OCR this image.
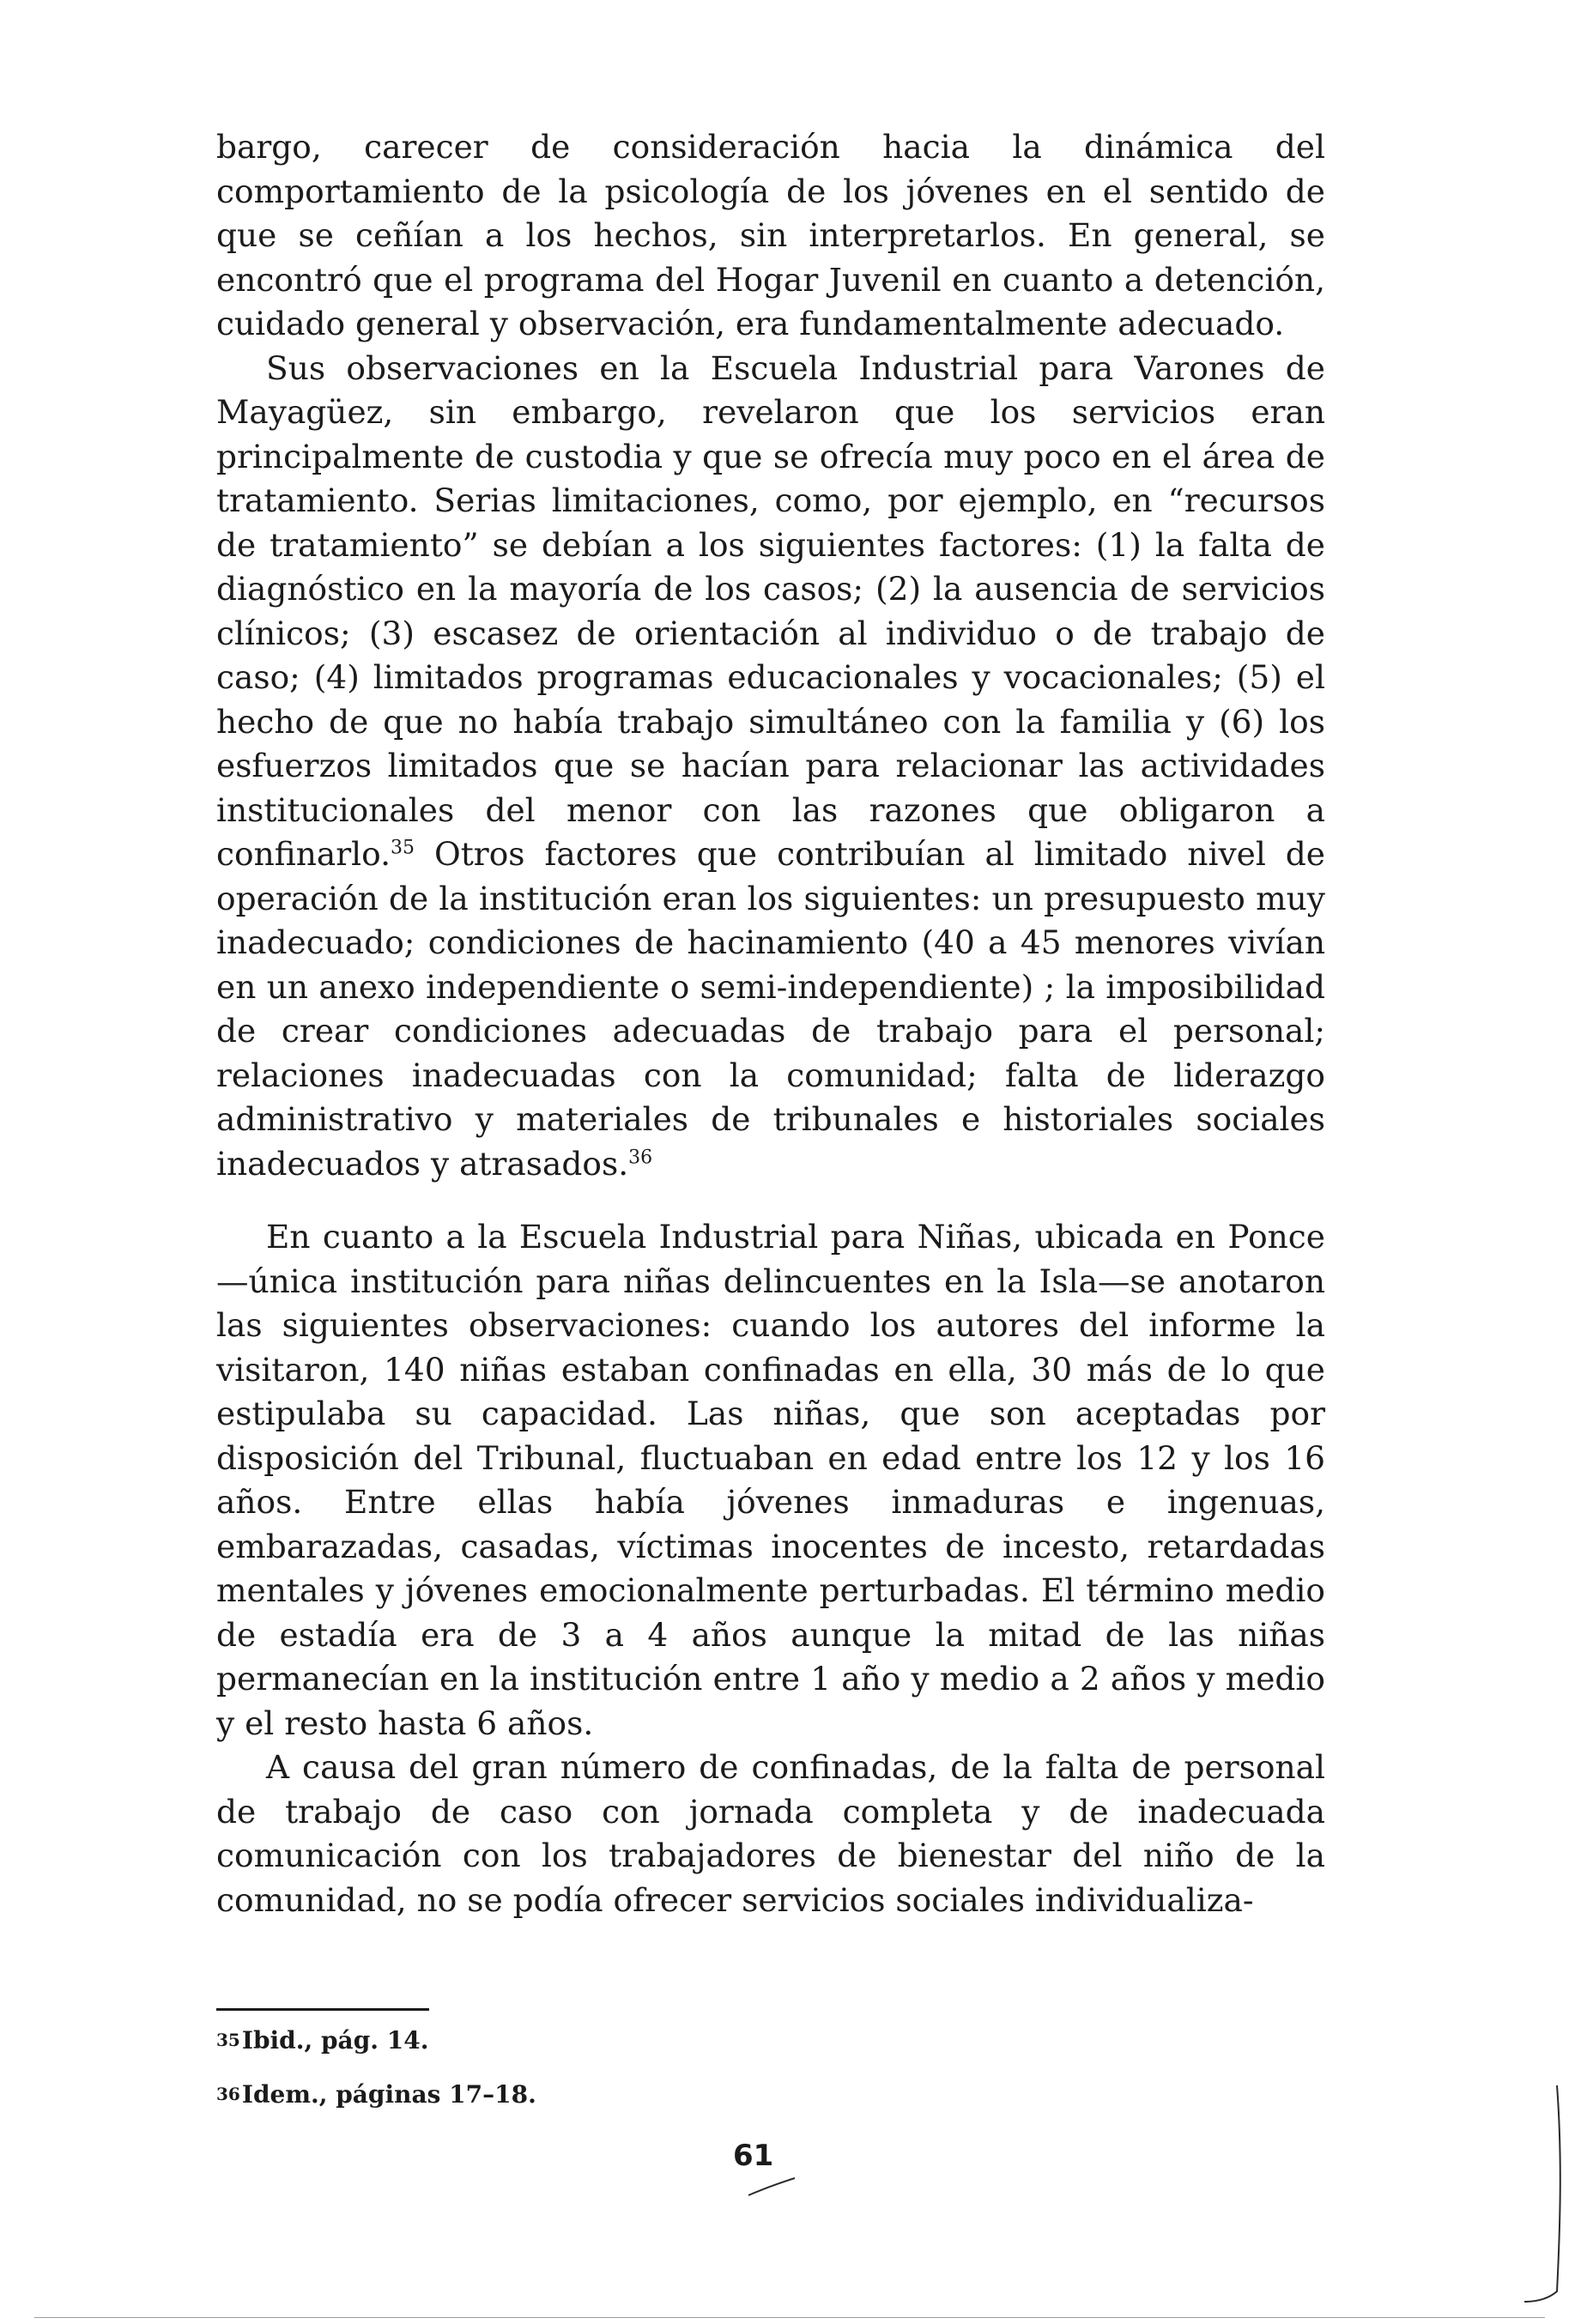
bargo, carecer de consideración hacia la dinámica del comportamiento de la psicología de los jóvenes en el sentido de que se ceñían a los hechos, sin interpretarlos. En general, se encontró que el programa del Hogar Juvenil en cuanto a detención, cuidado general y observación, era fundamentalmente adecuado.

Sus observaciones en la Escuela Industrial para Varones de Mayagüez, sin embargo, revelaron que los servicios eran principalmente de custodia y que se ofrecía muy poco en el área de tratamiento. Serias limitaciones, como, por ejemplo, en “recursos de tratamiento” se debían a los siguientes factores: (1) la falta de diagnóstico en la mayoría de los casos; (2) la ausencia de servicios clínicos; (3) escasez de orientación al individuo o de trabajo de caso; (4) limitados programas educacionales y vocacionales; (5) el hecho de que no había trabajo simultáneo con la familia y (6) los esfuerzos limitados que se hacían para relacionar las actividades institucionales del menor con las razones que obligaron a confinarlo.$^{35}$ Otros factores que contribuían al limitado nivel de operación de la institución eran los siguientes: un presupuesto muy inadecuado; condiciones de hacinamiento (40 a 45 menores vivían en un anexo independiente o semi-independiente) ; la imposibilidad de crear condiciones adecuadas de trabajo para el personal; relaciones inadecuadas con la comunidad; falta de liderazgo administrativo y materiales de tribunales e historiales sociales inadecuados y atrasados.$^{36}$

En cuanto a la Escuela Industrial para Niñas, ubicada en Ponce—única institución para niñas delincuentes en la Isla—se anotaron las siguientes observaciones: cuando los autores del informe la visitaron, 140 niñas estaban confinadas en ella, 30 más de lo que estipulaba su capacidad. Las niñas, que son aceptadas por disposición del Tribunal, fluctuaban en edad entre los 12 y los 16 años. Entre ellas había jóvenes inmaduras e ingenuas, embarazadas, casadas, víctimas inocentes de incesto, retardadas mentales y jóvenes emocionalmente perturbadas. El término medio de estadía era de 3 a 4 años aunque la mitad de las niñas permanecían en la institución entre 1 año y medio a 2 años y medio y el resto hasta 6 años.

A causa del gran número de confinadas, de la falta de personal de trabajo de caso con jornada completa y de inadecuada comunicación con los trabajadores de bienestar del niño de la comunidad, no se podía ofrecer servicios sociales individualiza-

35Ibid., pág. 14.
36Idem., páginas 17–18.
61
